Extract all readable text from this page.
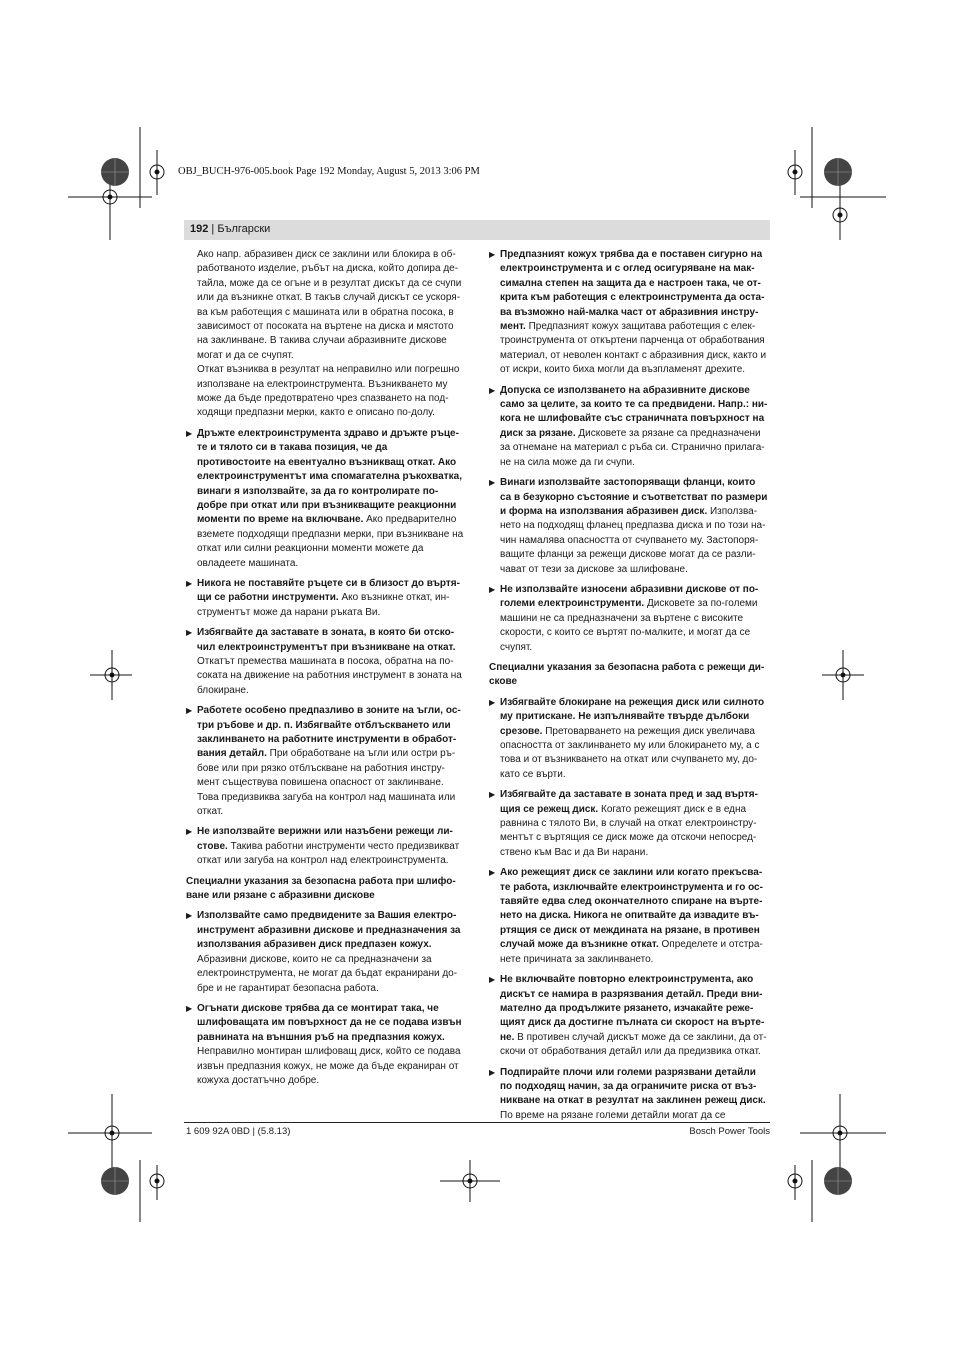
OBJ_BUCH-976-005.book Page 192 Monday, August 5, 2013 3:06 PM
192 | Български

Ако напр. абразивен диск се заклини или блокира в обработваното изделие, ръбът на диска, който допира детайла, може да се огъне и в резултат дискът да се счупи или да възникне откат. В такъв случай дискът се ускорява към работещия с машината или в обратна посока, в зависимост от посоката на въртене на диска и мястото на заклинване. В такива случаи абразивните дискове могат и да се счупят.

Откат възниква в резултат на неправилно или погрешно използване на електроинструмента. Възникването му може да бъде предотвратено чрез спазването на подходящи предпазни мерки, както е описано по-долу.

▶ Дръжте електроинструмента здраво и дръжте ръцете и тялото си в такава позиция, че да противостоите на евентуално възникващ откат. Ако електроинструментът има спомагателна ръкохватка, винаги я използвайте, за да го контролирате по-добре при откат или при възникващите реакционни моменти по време на включване. Ако предварително вземете подходящи предпазни мерки, при възникване на откат или силни реакционни моменти можете да овладеете машината.
▶ Никога не поставяйте ръцете си в близост до въртящи се работни инструменти. Ако възникне откат, инструментът може да нарани ръката Ви.
▶ Избягвайте да заставате в зоната, в която би отскочил електроинструментът при възникване на откат. Откатът премества машината в посока, обратна на посоката на движение на работния инструмент в зоната на блокиране.
▶ Работете особено предпазливо в зоните на ъгли, остри ръбове и др. п. Избягвайте отблъскването или заклинването на работните инструменти в обработвания детайл. При обработване на ъгли или остри ръбове или при рязко отблъскване на работния инструмент съществува повишена опасност от заклинване. Това предизвиква загуба на контрол над машината или откат.
▶ Не използвайте верижни или назъбени режещи листове. Такива работни инструменти често предизвикват откат или загуба на контрол над електроинструмента.
Специални указания за безопасна работа при шлифоване или рязане с абразивни дискове
▶ Използвайте само предвидените за Вашия електроинструмент абразивни дискове и предназначения за използвания абразивен диск предпазен кожух. Абразивни дискове, които не са предназначени за електроинструмента, не могат да бъдат екранирани добре и не гарантират безопасна работа.
▶ Огънати дискове трябва да се монтират така, че шлифоващата им повърхност да не се подава извън равнината на външния ръб на предпазния кожух. Неправилно монтиран шлифоващ диск, който се подава извън предпазния кожух, не може да бъде екраниран от кожуха достатъчно добре.
▶ Предпазният кожух трябва да е поставен сигурно на електроинструмента и с оглед осигуряване на максимална степен на защита да е настроен така, че открита към работещия с електроинструмента да остава възможно най-малка част от абразивния инструмент. Предпазният кожух защитава работещия с електроинструмента от откъртени парченца от обработвания материал, от неволен контакт с абразивния диск, както и от искри, които биха могли да възпламенят дрехите.
▶ Допуска се използването на абразивните дискове само за целите, за които те са предвидени. Напр.: никога не шлифовайте със страничната повърхност на диск за рязане. Дисковете за рязане са предназначени за отнемане на материал с ръба си. Странично прилагане на сила може да ги счупи.
▶ Винаги използвайте застопоряващи фланци, които са в безукорно състояние и съответстват по размери и форма на използвания абразивен диск. Използването на подходящ фланец предпазва диска и по този начин намалява опасността от счупването му. Застопоряващите фланци за режещи дискове могат да се различават от тези за дискове за шлифоване.
▶ Не използвайте износени абразивни дискове от по-големи електроинструменти. Дисковете за по-големи машини не са предназначени за въртене с високите скорости, с които се въртят по-малките, и могат да се счупят.
Специални указания за безопасна работа с режещи дискове
▶ Избягвайте блокиране на режещия диск или силното му притискане. Не изпълнявайте твърде дълбоки срезове. Претоварването на режещия диск увеличава опасността от заклинването му или блокирането му, а с това и от възникването на откат или счупването му, докато се върти.
▶ Избягвайте да заставате в зоната пред и зад въртящия се режещ диск. Когато режещият диск е в една равнина с тялото Ви, в случай на откат електроинструментът с въртящия се диск може да отскочи непосредствено към Вас и да Ви нарани.
▶ Ако режещият диск се заклини или когато прекъсвате работа, изключвайте електроинструмента и го оставяйте едва след окончателното спиране на въртeнето на диска. Никога не опитвайте да извадите въртящия се диск от междината на рязане, в противен случай може да възникне откат. Определете и отстранете причината за заклинването.
▶ Не включвайте повторно електроинструмента, ако дискът се намира в разрязвания детайл. Преди внимателно да продължите рязането, изчакайте режещият диск да достигне пълната си скорост на въртeне. В противен случай дискът може да се заклини, да отскочи от обработвания детайл или да предизвика откат.
▶ Подпирайте плочи или големи разрязвани детайли по подходящ начин, за да ограничите риска от възникване на откат в резултат на заклинен режещ диск. По време на рязане големи детайли могат да се
1 609 92A 0BD | (5.8.13)	Bosch Power Tools
